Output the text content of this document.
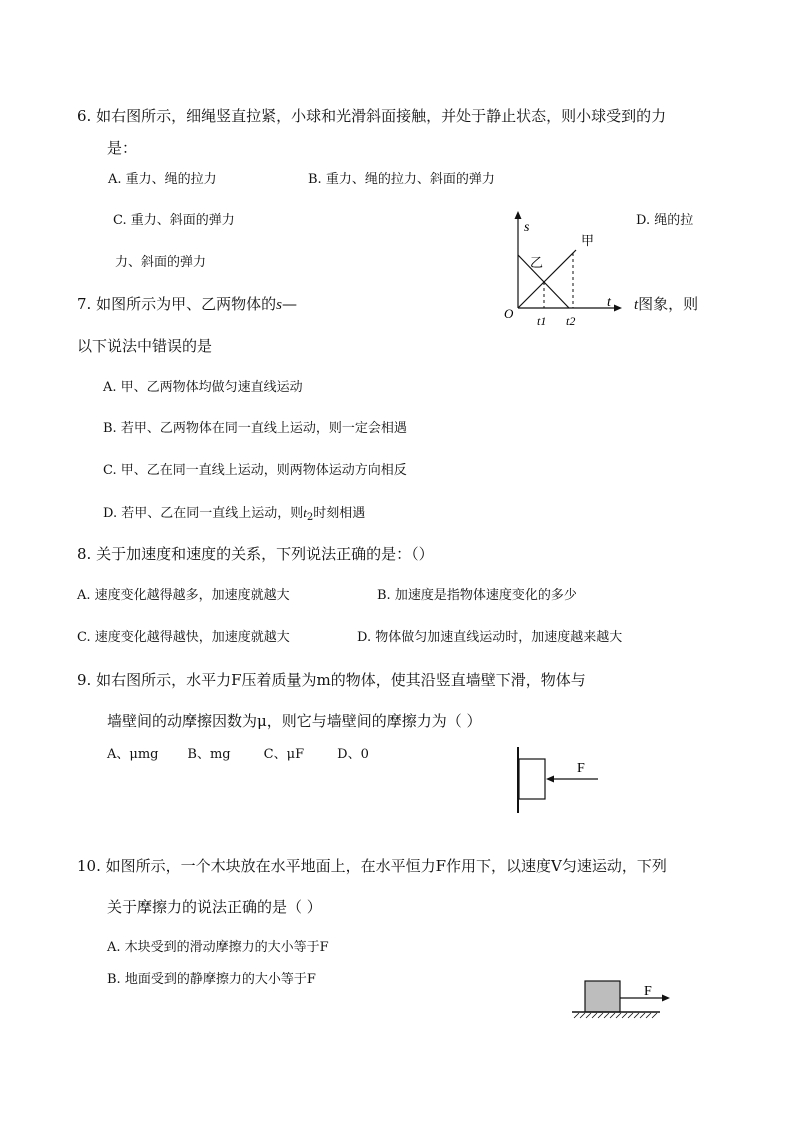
6. 如右图所示，细绳竖直拉紧，小球和光滑斜面接触，并处于静止状态，则小球受到的力
是：
A. 重力、绳的拉力	B. 重力、绳的拉力、斜面的弹力
C. 重力、斜面的弹力	D. 绳的拉
力、斜面的弹力
7. 如图所示为甲、乙两物体的s—	t图象，则
以下说法中错误的是
A. 甲、乙两物体均做匀速直线运动
B. 若甲、乙两物体在同一直线上运动，则一定会相遇
C. 甲、乙在同一直线上运动，则两物体运动方向相反
D. 若甲、乙在同一直线上运动，则$t_2$时刻相遇
s
t
O
甲
乙
t1 t2
8. 关于加速度和速度的关系，下列说法正确的是：（）
A. 速度变化越得越多，加速度就越大	B. 加速度是指物体速度变化的多少
C. 速度变化越得越快，加速度就越大	D. 物体做匀加速直线运动时，加速度越来越大
9. 如右图所示，水平力F压着质量为m的物体，使其沿竖直墙壁下滑，物体与
墙壁间的动摩擦因数为μ，则它与墙壁间的摩擦力为（ ）
A、μmg       B、mg        C、μF        D、0
F
10. 如图所示，一个木块放在水平地面上，在水平恒力F作用下，以速度V匀速运动，下列
关于摩擦力的说法正确的是（ ）
A. 木块受到的滑动摩擦力的大小等于F
B. 地面受到的静摩擦力的大小等于F
F
